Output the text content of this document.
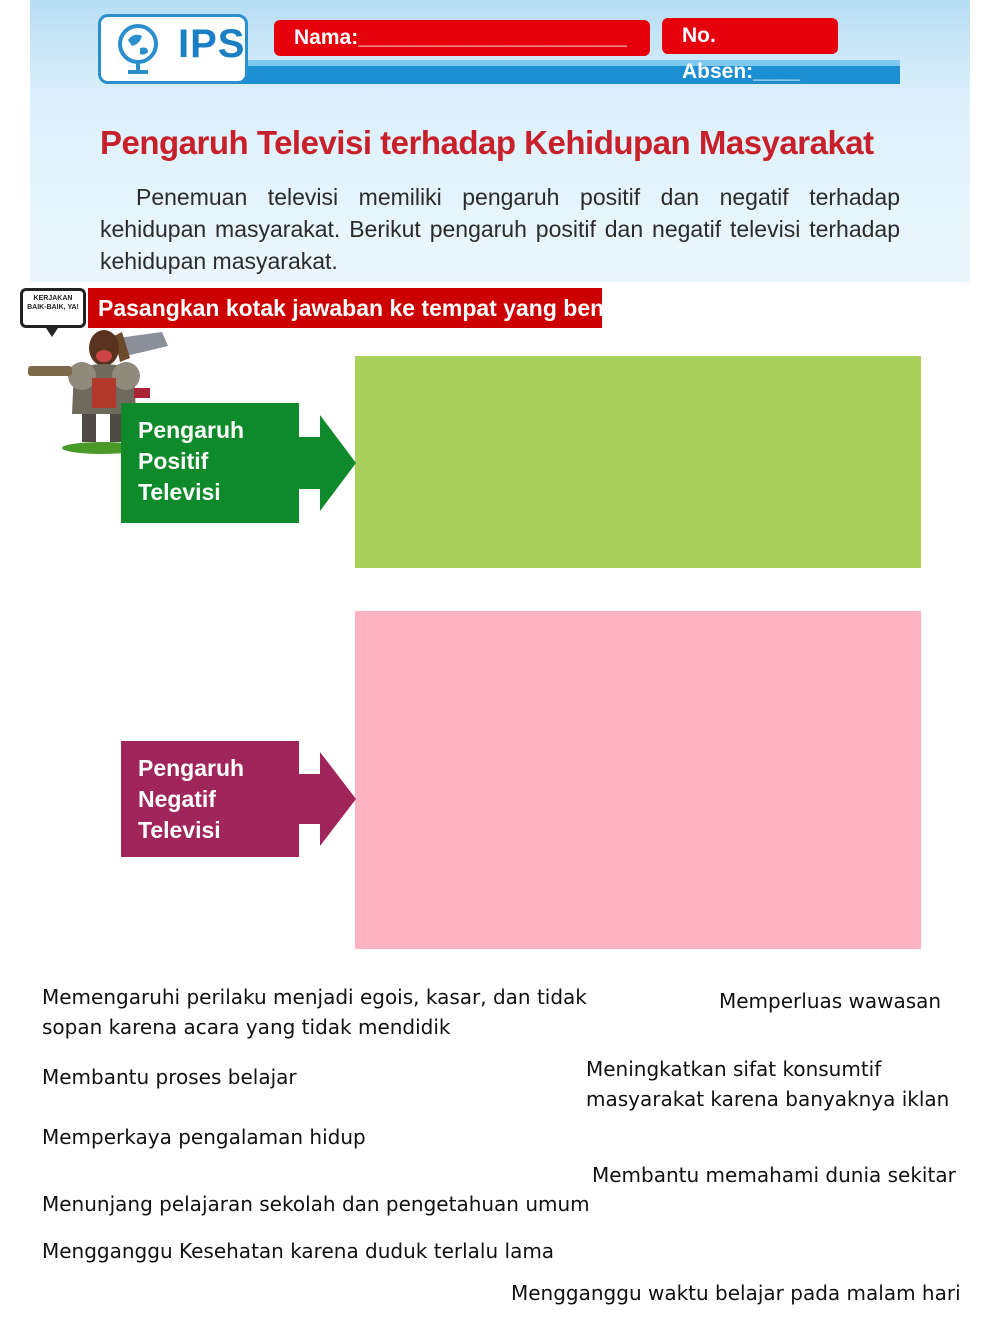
IPS	Nama:_______________________	No. Absen:____
Pengaruh Televisi terhadap Kehidupan Masyarakat
Penemuan televisi memiliki pengaruh positif dan negatif terhadap kehidupan masyarakat. Berikut pengaruh positif dan negatif televisi terhadap kehidupan masyarakat.
Pasangkan kotak jawaban ke tempat yang benar, ya!
KERJAKAN BAIK-BAIK, YA!
Pengaruh
Positif
Televisi
Pengaruh
Negatif
Televisi
Memengaruhi perilaku menjadi egois, kasar, dan tidak
sopan karena acara yang tidak mendidik
Memperluas wawasan
Membantu proses belajar	Meningkatkan sifat konsumtif
masyarakat karena banyaknya iklan
Memperkaya pengalaman hidup
Membantu memahami dunia sekitar
Menunjang pelajaran sekolah dan pengetahuan umum
Mengganggu Kesehatan karena duduk terlalu lama
Mengganggu waktu belajar pada malam hari
